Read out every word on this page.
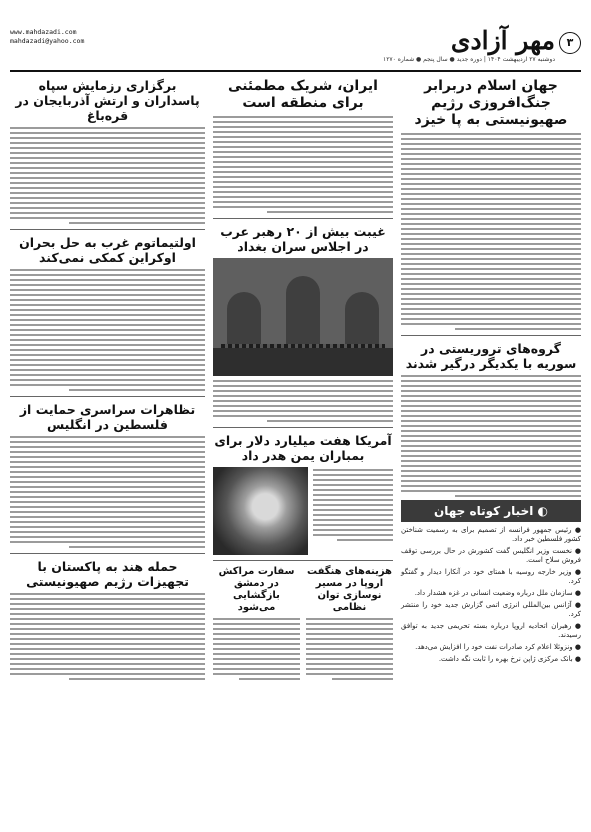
www.mahdazadi.com
mahdazadi@yahoo.com	۳
مهر آزادی
دوشنبه ۲۷ اردیبهشت ۱۴۰۴ | دوره جدید ● سال پنجم ● شماره ۱۲۷۰
جهان اسلام دربرابر جنگ‌افروزی رژیم صهیونیستی به پا خیزد
گروه‌های تروریستی در سوریه با یکدیگر درگیر شدند
◐ اخبار کوتاه جهان

● رئیس جمهور فرانسه از تصمیم برای به رسمیت شناختن کشور فلسطین خبر داد.

● نخست وزیر انگلیس گفت کشورش در حال بررسی توقف فروش سلاح است.

● وزیر خارجه روسیه با همتای خود در آنکارا دیدار و گفتگو کرد.

● سازمان ملل درباره وضعیت انسانی در غزه هشدار داد.

● آژانس بین‌المللی انرژی اتمی گزارش جدید خود را منتشر کرد.

● رهبران اتحادیه اروپا درباره بسته تحریمی جدید به توافق رسیدند.

● ونزوئلا اعلام کرد صادرات نفت خود را افزایش می‌دهد.

● بانک مرکزی ژاپن نرخ بهره را ثابت نگه داشت.

ایران، شریک مطمئنی برای منطقه است
غیبت بیش از ۲۰ رهبر عرب در اجلاس سران بغداد
آمریکا هفت میلیارد دلار برای بمباران یمن هدر داد
هزینه‌های هنگفت اروپا در مسیر نوسازی توان نظامی
سفارت مراکش در دمشق بازگشایی می‌شود
برگزاری رزمایش سپاه پاسداران و ارتش آذربایجان در قره‌باغ
اولتیماتوم غرب به حل بحران اوکراین کمکی نمی‌کند
تظاهرات سراسری حمایت از فلسطین در انگلیس
حمله هند به پاکستان با تجهیزات رژیم صهیونیستی
